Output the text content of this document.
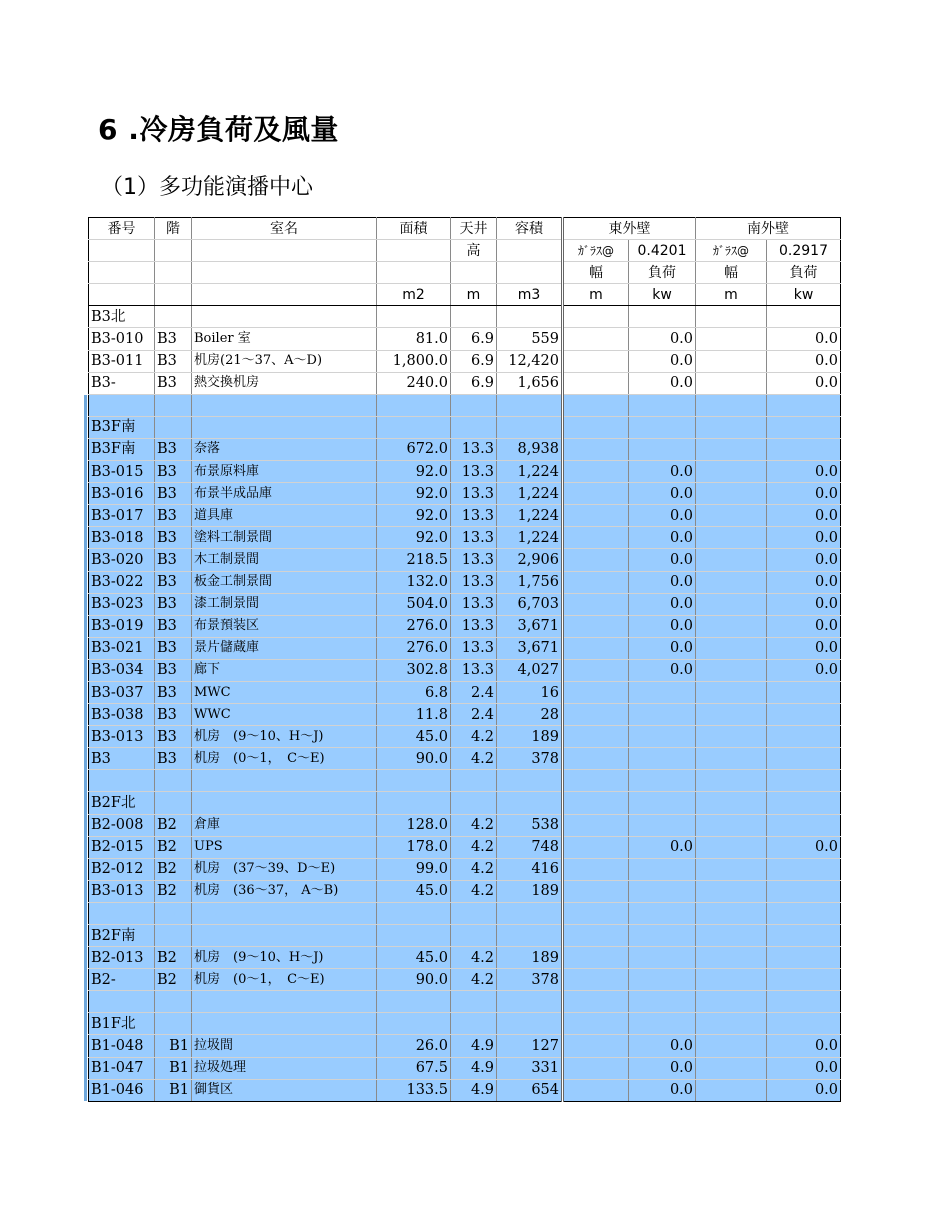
6 .冷房負荷及風量
（1）多功能演播中心
番号	階	室名	面積	天井	容積	東外壁		南外壁	
				高		ｶﾞﾗｽ@	0.4201	ｶﾞﾗｽ@	0.2917
						幅	負荷	幅	負荷
			m2	m	m3	m	kw	m	kw
B3北									
B3-010	B3	Boiler 室	81.0	6.9	559		0.0		0.0
B3-011	B3	机房(21～37、A～D)	1,800.0	6.9	12,420		0.0		0.0
B3-	B3	熱交換机房	240.0	6.9	1,656		0.0		0.0

B3F南									
B3F南	B3	奈落	672.0	13.3	8,938				
B3-015	B3	布景原料庫	92.0	13.3	1,224		0.0		0.0
B3-016	B3	布景半成品庫	92.0	13.3	1,224		0.0		0.0
B3-017	B3	道具庫	92.0	13.3	1,224		0.0		0.0
B3-018	B3	塗料工制景間	92.0	13.3	1,224		0.0		0.0
B3-020	B3	木工制景間	218.5	13.3	2,906		0.0		0.0
B3-022	B3	板金工制景間	132.0	13.3	1,756		0.0		0.0
B3-023	B3	漆工制景間	504.0	13.3	6,703		0.0		0.0
B3-019	B3	布景預装区	276.0	13.3	3,671		0.0		0.0
B3-021	B3	景片儲蔵庫	276.0	13.3	3,671		0.0		0.0
B3-034	B3	廊下	302.8	13.3	4,027		0.0		0.0
B3-037	B3	MWC	6.8	2.4	16				
B3-038	B3	WWC	11.8	2.4	28				
B3-013	B3	机房　(9～10、H～J)	45.0	4.2	189				
B3	B3	机房　(0～1，　C～E)	90.0	4.2	378				

B2F北									
B2-008	B2	倉庫	128.0	4.2	538				
B2-015	B2	UPS	178.0	4.2	748		0.0		0.0
B2-012	B2	机房　(37～39、D～E)	99.0	4.2	416				
B3-013	B2	机房　(36～37， A～B)	45.0	4.2	189				

B2F南									
B2-013	B2	机房　(9～10、H～J)	45.0	4.2	189				
B2-	B2	机房　(0～1，　C～E)	90.0	4.2	378				

B1F北									
B1-048	B1	拉圾間	26.0	4.9	127		0.0		0.0
B1-047	B1	拉圾処理	67.5	4.9	331		0.0		0.0
B1-046	B1	御貨区	133.5	4.9	654		0.0		0.0
